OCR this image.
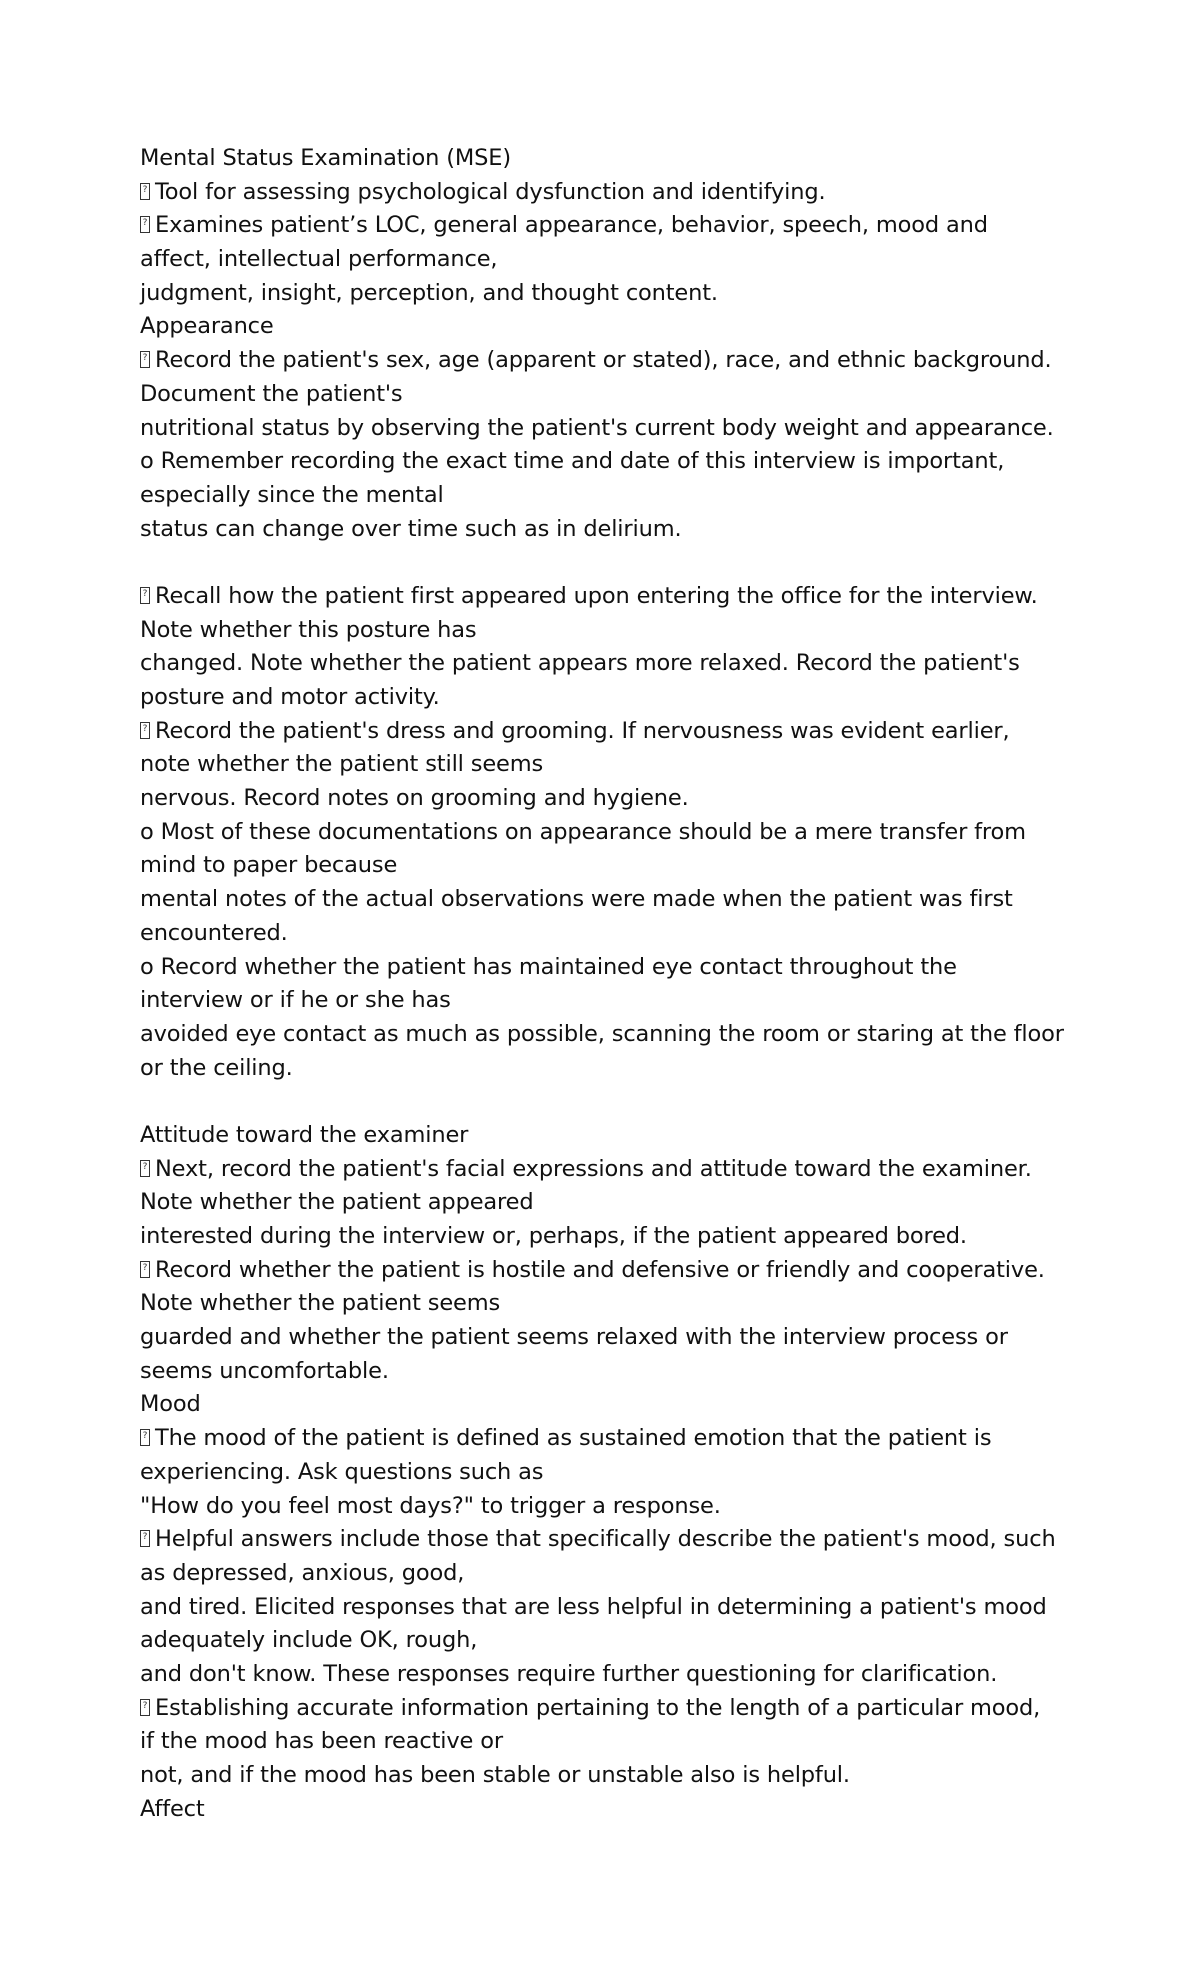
Mental Status Examination (MSE)
?Tool for assessing psychological dysfunction and identifying.
?Examines patient’s LOC, general appearance, behavior, speech, mood and
affect, intellectual performance,
judgment, insight, perception, and thought content.
Appearance
?Record the patient's sex, age (apparent or stated), race, and ethnic background.
Document the patient's
nutritional status by observing the patient's current body weight and appearance.
o Remember recording the exact time and date of this interview is important,
especially since the mental
status can change over time such as in delirium.
?Recall how the patient first appeared upon entering the office for the interview.
Note whether this posture has
changed. Note whether the patient appears more relaxed. Record the patient's
posture and motor activity.
?Record the patient's dress and grooming. If nervousness was evident earlier,
note whether the patient still seems
nervous. Record notes on grooming and hygiene.
o Most of these documentations on appearance should be a mere transfer from
mind to paper because
mental notes of the actual observations were made when the patient was first
encountered.
o Record whether the patient has maintained eye contact throughout the
interview or if he or she has
avoided eye contact as much as possible, scanning the room or staring at the floor
or the ceiling.
Attitude toward the examiner
?Next, record the patient's facial expressions and attitude toward the examiner.
Note whether the patient appeared
interested during the interview or, perhaps, if the patient appeared bored.
?Record whether the patient is hostile and defensive or friendly and cooperative.
Note whether the patient seems
guarded and whether the patient seems relaxed with the interview process or
seems uncomfortable.
Mood
?The mood of the patient is defined as sustained emotion that the patient is
experiencing. Ask questions such as
"How do you feel most days?" to trigger a response.
?Helpful answers include those that specifically describe the patient's mood, such
as depressed, anxious, good,
and tired. Elicited responses that are less helpful in determining a patient's mood
adequately include OK, rough,
and don't know. These responses require further questioning for clarification.
?Establishing accurate information pertaining to the length of a particular mood,
if the mood has been reactive or
not, and if the mood has been stable or unstable also is helpful.
Affect
